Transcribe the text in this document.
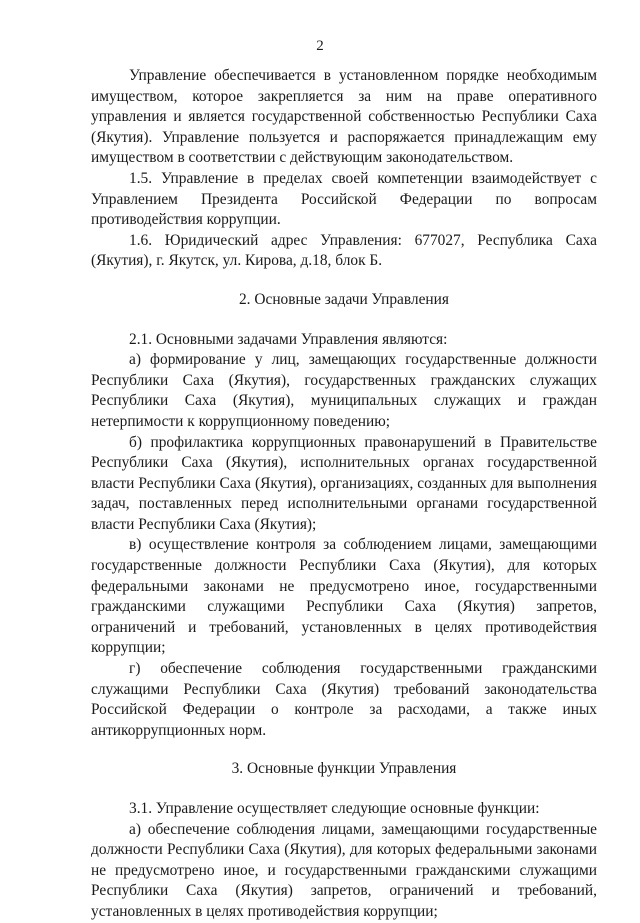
2

Управление обеспечивается в установленном порядке необходимым имуществом, которое закрепляется за ним на праве оперативного управления и является государственной собственностью Республики Саха (Якутия). Управление пользуется и распоряжается принадлежащим ему имуществом в соответствии с действующим законодательством.

1.5. Управление в пределах своей компетенции взаимодействует с Управлением Президента Российской Федерации по вопросам противодействия коррупции.

1.6. Юридический адрес Управления: 677027, Республика Саха (Якутия), г. Якутск, ул. Кирова, д.18, блок Б.

2. Основные задачи Управления

2.1. Основными задачами Управления являются:

а) формирование у лиц, замещающих государственные должности Республики Саха (Якутия), государственных гражданских служащих Республики Саха (Якутия), муниципальных служащих и граждан нетерпимости к коррупционному поведению;

б) профилактика коррупционных правонарушений в Правительстве Республики Саха (Якутия), исполнительных органах государственной власти Республики Саха (Якутия), организациях, созданных для выполнения задач, поставленных перед исполнительными органами государственной власти Республики Саха (Якутия);

в) осуществление контроля за соблюдением лицами, замещающими государственные должности Республики Саха (Якутия), для которых федеральными законами не предусмотрено иное, государственными гражданскими служащими Республики Саха (Якутия) запретов, ограничений и требований, установленных в целях противодействия коррупции;

г) обеспечение соблюдения государственными гражданскими служащими Республики Саха (Якутия) требований законодательства Российской Федерации о контроле за расходами, а также иных антикоррупционных норм.

3. Основные функции Управления

3.1. Управление осуществляет следующие основные функции:

а) обеспечение соблюдения лицами, замещающими государственные должности Республики Саха (Якутия), для которых федеральными законами не предусмотрено иное, и государственными гражданскими служащими Республики Саха (Якутия) запретов, ограничений и требований, установленных в целях противодействия коррупции;
